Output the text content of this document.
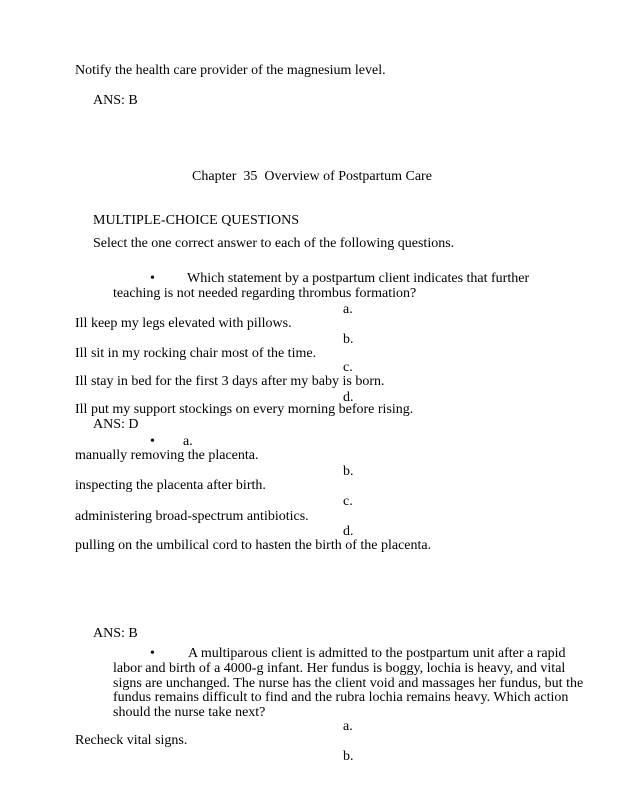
Notify the health care provider of the magnesium level.
ANS: B
Chapter  35  Overview of Postpartum Care
MULTIPLE-CHOICE QUESTIONS
Select the one correct answer to each of the following questions.
• Which statement by a postpartum client indicates that further
teaching is not needed regarding thrombus formation?
a.
Ill keep my legs elevated with pillows.
b.
Ill sit in my rocking chair most of the time.
c.
Ill stay in bed for the first 3 days after my baby is born.
d.
Ill put my support stockings on every morning before rising.
ANS: D
• a.
manually removing the placenta.
b.
inspecting the placenta after birth.
c.
administering broad-spectrum antibiotics.
d.
pulling on the umbilical cord to hasten the birth of the placenta.
ANS: B
• A multiparous client is admitted to the postpartum unit after a rapid
labor and birth of a 4000-g infant. Her fundus is boggy, lochia is heavy, and vital
signs are unchanged. The nurse has the client void and massages her fundus, but the
fundus remains difficult to find and the rubra lochia remains heavy. Which action
should the nurse take next?
a.
Recheck vital signs.
b.
